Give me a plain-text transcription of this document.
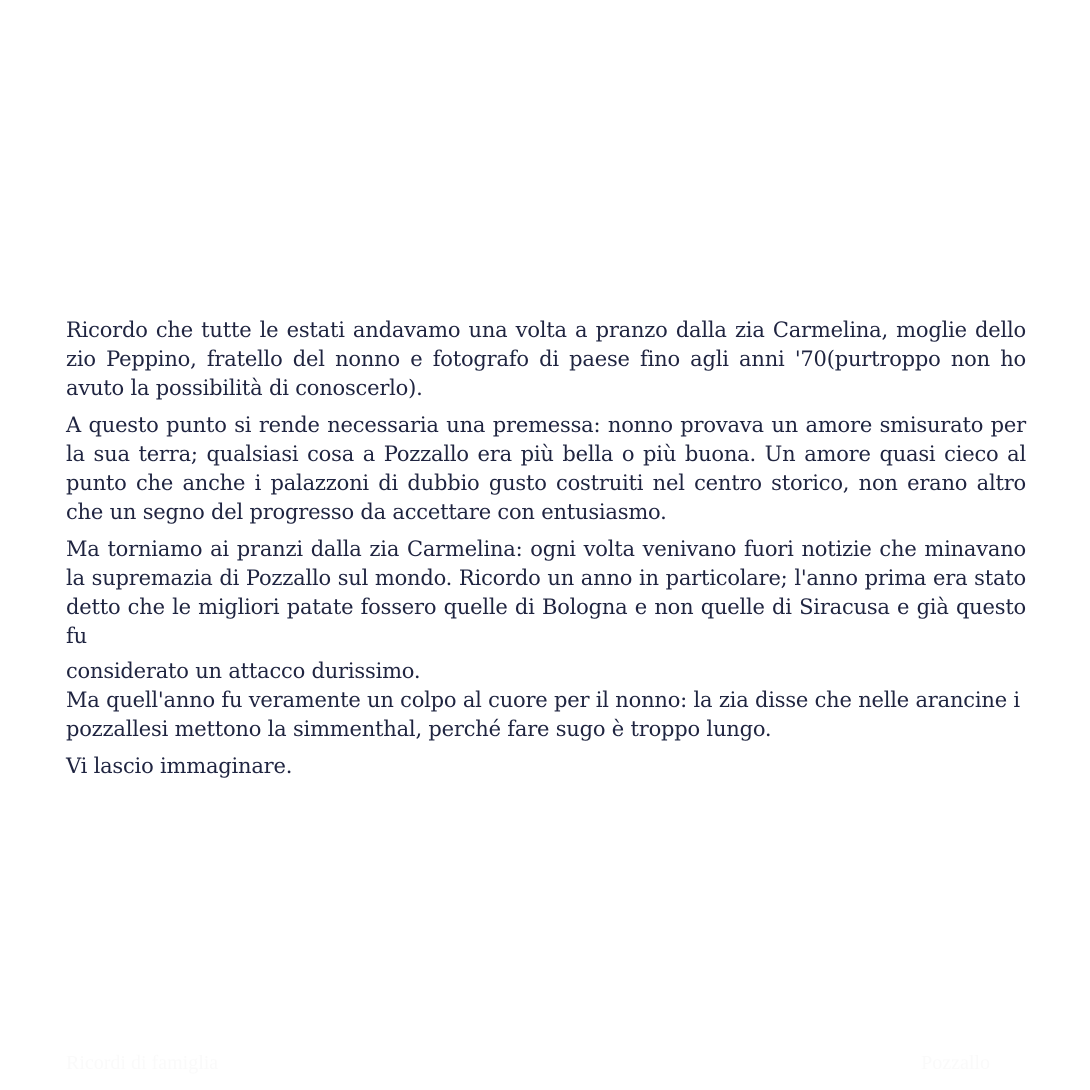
Ricordo che tutte le estati andavamo una volta a pranzo dalla zia Carmelina, moglie dello zio Peppino, fratello del nonno e fotografo di paese fino agli anni '70(purtroppo non ho avuto la possibilità di conoscerlo).

A questo punto si rende necessaria una premessa: nonno provava un amore smisurato per la sua terra; qualsiasi cosa a Pozzallo era più bella o più buona. Un amore quasi cieco al punto che anche i palazzoni di dubbio gusto costruiti nel centro storico, non erano altro che un segno del progresso da accettare con entusiasmo.

Ma torniamo ai pranzi dalla zia Carmelina: ogni volta venivano fuori notizie che minavano la supremazia di Pozzallo sul mondo. Ricordo un anno in particolare; l'anno prima era stato detto che le migliori patate fossero quelle di Bologna e non quelle di Siracusa e già questo fu

considerato un attacco durissimo.

Ma quell'anno fu veramente un colpo al cuore per il nonno: la zia disse che nelle arancine i pozzallesi mettono la simmenthal, perché fare sugo è troppo lungo.

Vi lascio immaginare.

Ricordi di famiglia	Pozzallo
